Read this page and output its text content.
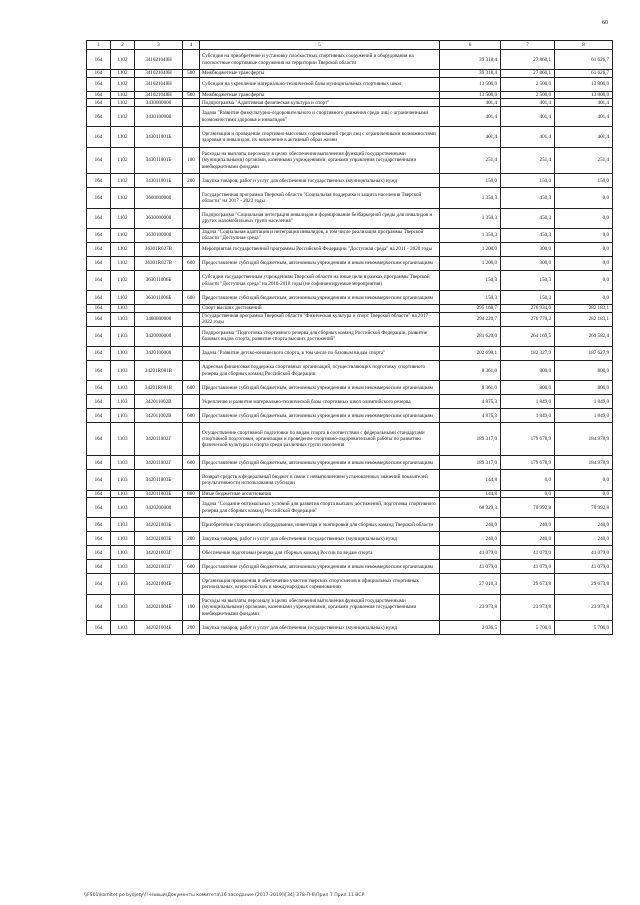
60
1	2	3	4	5	6	7	8
164	1102	341021040Н		Субсидия на приобретение и установку плоскостных спортивных сооружений и оборудования на плоскостные спортивные сооружения на территории Тверской области	39 318,4	27 860,1	61 626,7
164	1102	341021040Н	500	Межбюджетные трансферты	39 318,4	27 860,1	61 626,7
164	1102	341021048Н		Субсидии на укрепление материально-технической базы муниципальных спортивных школ	13 500,0	2 500,0	13 800,0
164	1102	341021048Н	500	Межбюджетные трансферты	13 500,0	2 500,0	13 800,0
164	1102	3430000000		Подпрограмма "Адаптивная физическая культура и спорт"	401,4	401,4	401,4
164	1102	3430100000		Задача "Развитие физкультурно-оздоровительного и спортивного движения среди лиц с ограниченными возможностями здоровья и инвалидов"	401,4	401,4	401,4
164	1102	343011001Б		Организация и проведение спортивно-массовых соревнований среди лиц с ограниченными возможностями здоровья и инвалидов, их вовлечение в активный образ жизни	401,4	401,4	401,4
164	1102	343011001Б	100	Расходы на выплаты персоналу в целях обеспечения выполнения функций государственными (муниципальными) органами, казенными учреждениями, органами управления государственными внебюджетными фондами	251,4	251,4	251,4
164	1102	343011001Б	200	Закупка товаров, работ и услуг для обеспечения государственных (муниципальных) нужд	150,0	150,0	150,0
164	1102	3600000000		Государственная программа Тверской области "Социальная поддержка и защита населения Тверской области" на 2017 - 2022 годы	1 350,3	450,3	0,0
164	1102	3630000000		Подпрограмма "Социальная интеграция инвалидов и формирование безбарьерной среды для инвалидов и других маломобильных групп населения"	1 350,3	450,3	0,0
164	1102	3630100000		Задача "Социальная адаптация и интеграция инвалидов, в том числе реализация программы Тверской области "Доступная среда"	1 350,3	450,3	0,0
164	1102	36301R027В		Мероприятия государственной программы Российской Федерации "Доступная среда" на 2011 - 2020 годы	1 200,0	300,0	0,0
164	1102	36301R027В	600	Предоставление субсидий бюджетным, автономным учреждениям и иным некоммерческим организациям	1 200,0	300,0	0,0
164	1102	363011006Б		Субсидии государственным учреждениям Тверской области на иные цели в рамках программы Тверской области "Доступная среда" на 2016-2018 годы (не софинансируемые мероприятия)	150,3	150,3	0,0
164	1102	363011006Б	600	Предоставление субсидий бюджетным, автономным учреждениям и иным некоммерческим организациям	150,3	150,3	0,0
164	1103			Спорт высших достижений	295 168,7	276 934,0	282 183,1
164	1103	3400000000		Государственная программа Тверской области "Физическая культура и спорт Тверской области" на 2017 - 2022 годы	294 220,7	276 770,2	282 183,1
164	1103	3420000000		Подпрограмма "Подготовка спортивного резерва для сборных команд Российской Федерации, развитие базовых видов спорта, развитие спорта высших достижений"	281 620,0	264 169,5	269 582,4
164	1103	3420100000		Задача "Развитие детско-юношеского спорта, в том числе по базовым видам спорта"	202 698,1	182 327,9	187 627,9
164	1103	34201R081В		Адресная финансовая поддержка спортивных организаций, осуществляющих подготовку спортивного резерва для сборных команд Российской Федерации	8 361,0	800,0	800,0
164	1103	34201R081В	600	Предоставление субсидий бюджетным, автономным учреждениям и иным некоммерческим организациям	8 361,0	800,0	800,0
164	1103	342011002В		Укрепление и развитие материально-технической базы спортивных школ олимпийского резерва	4 875,3	1 849,0	1 849,0
164	1103	342011002В	600	Предоставление субсидий бюджетным, автономным учреждениям и иным некоммерческим организациям	4 875,3	1 849,0	1 849,0
164	1103	342011002Г		Осуществление спортивной подготовки по видам спорта в соответствии с федеральными стандартами спортивной подготовки, организация и проведение спортивно-оздоровительной работы по развитию физической культуры и спорта среди различных групп населения	189 317,0	179 678,9	184 978,9
164	1103	342011002Г	600	Предоставление субсидий бюджетным, автономным учреждениям и иным некоммерческим организациям	189 317,0	179 678,9	184 978,9
164	1103	342011003Б		Возврат средств в федеральный бюджет в связи с невыполнением установленных значений показателей результативности использования субсидии	144,8	0,0	0,0
164	1103	342011003Б	800	Иные бюджетные ассигнования	144,8	0,0	0,0
164	1103	3420200000		Задача "Создание оптимальных условий для развития спорта высших достижений, подготовка спортивного резерва для сборных команд Российской Федерации"	68 329,3	70 992,8	70 992,8
164	1103	342021003Б		Приобретение спортивного оборудования, инвентаря и экипировки для сборных команд Тверской области	240,0	240,0	240,0
164	1103	342021003Б	200	Закупка товаров, работ и услуг для обеспечения государственных (муниципальных) нужд	240,0	240,0	240,0
164	1103	342021003Г		Обеспечение подготовки резерва для сборных команд России по видам спорта	41 079,0	41 079,0	41 079,0
164	1103	342021003Г	600	Предоставление субсидий бюджетным, автономным учреждениям и иным некоммерческим организациям	41 079,0	41 079,0	41 079,0
164	1103	342021004Б		Организация проведения и обеспечение участия тверских спортсменов в официальных спортивных региональных, всероссийских и международных соревнованиях	27 010,3	29 673,8	29 673,8
164	1103	342021004Б	100	Расходы на выплаты персоналу в целях обеспечения выполнения функций государственными (муниципальными) органами, казенными учреждениями, органами управления государственными внебюджетными фондами	23 973,8	23 973,8	23 973,8
164	1103	342021004Б	200	Закупка товаров, работ и услуг для обеспечения государственных (муниципальных) нужд	3 036,5	5 700,0	5 700,0
\\FS01\komitet po bydjety\!!-Новый\Документы комитета\16 заседание (2017-2019)\[34] 378-П-6\Прил 7 Прил 11 ВСР
